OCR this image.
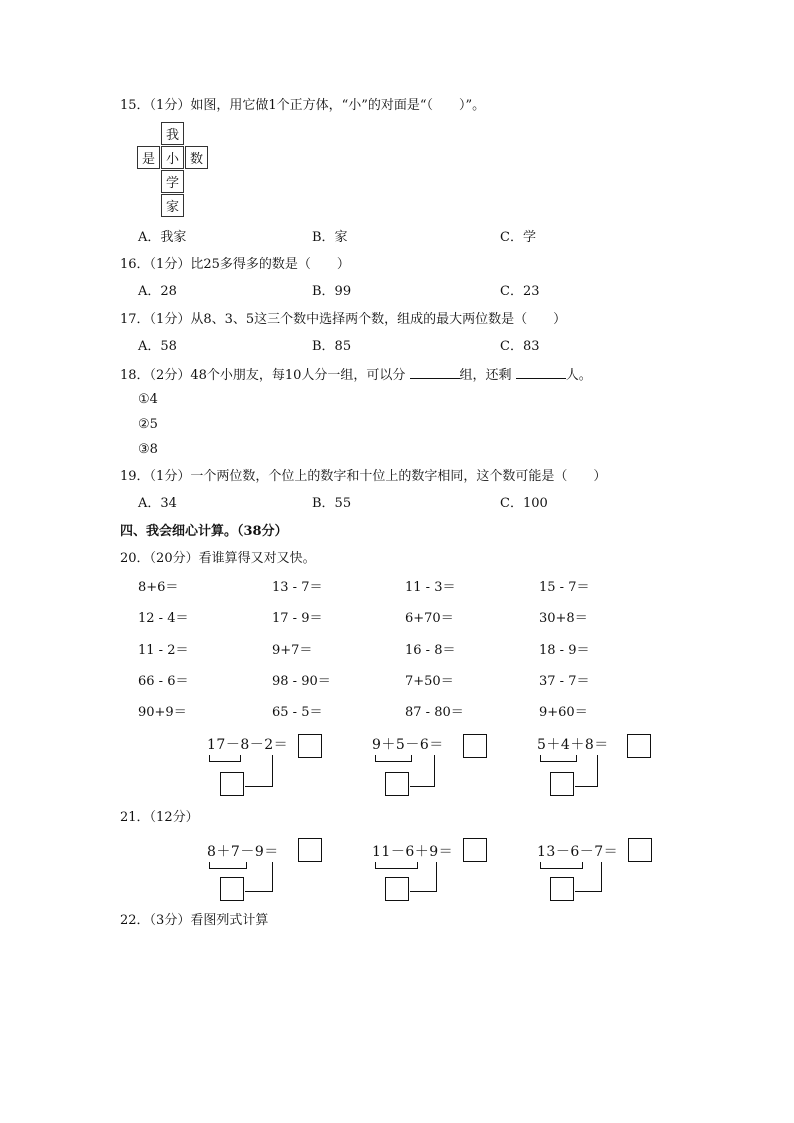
15．（1分）如图，用它做1个正方体，“小”的对面是“（　　）”。
我
是 小 数
学
家
A．我家	B．家	C．学
16．（1分）比25多得多的数是（　　）
A．28	B．99	C．23
17．（1分）从8、3、5这三个数中选择两个数，组成的最大两位数是（　　）
A．58	B．85	C．83
18．（2分）48个小朋友，每10人分一组，可以分	组，还剩	人。
①4
②5
③8
19．（1分）一个两位数，个位上的数字和十位上的数字相同，这个数可能是（　　）
A．34	B．55	C．100
四、我会细心计算。（38分）
20．（20分）看谁算得又对又快。
8+6＝	13 - 7＝	11 - 3＝	15 - 7＝
12 - 4＝	17 - 9＝	6+70＝	30+8＝
11 - 2＝	9+7＝	16 - 8＝	18 - 9＝
66 - 6＝	98 - 90＝	7+50＝	37 - 7＝
90+9＝	65 - 5＝	87 - 80＝	9+60＝
17－8－2＝	9＋5－6＝	5＋4＋8＝
21．（12分）
8＋7－9＝	11－6＋9＝	13－6－7＝
22．（3分）看图列式计算
